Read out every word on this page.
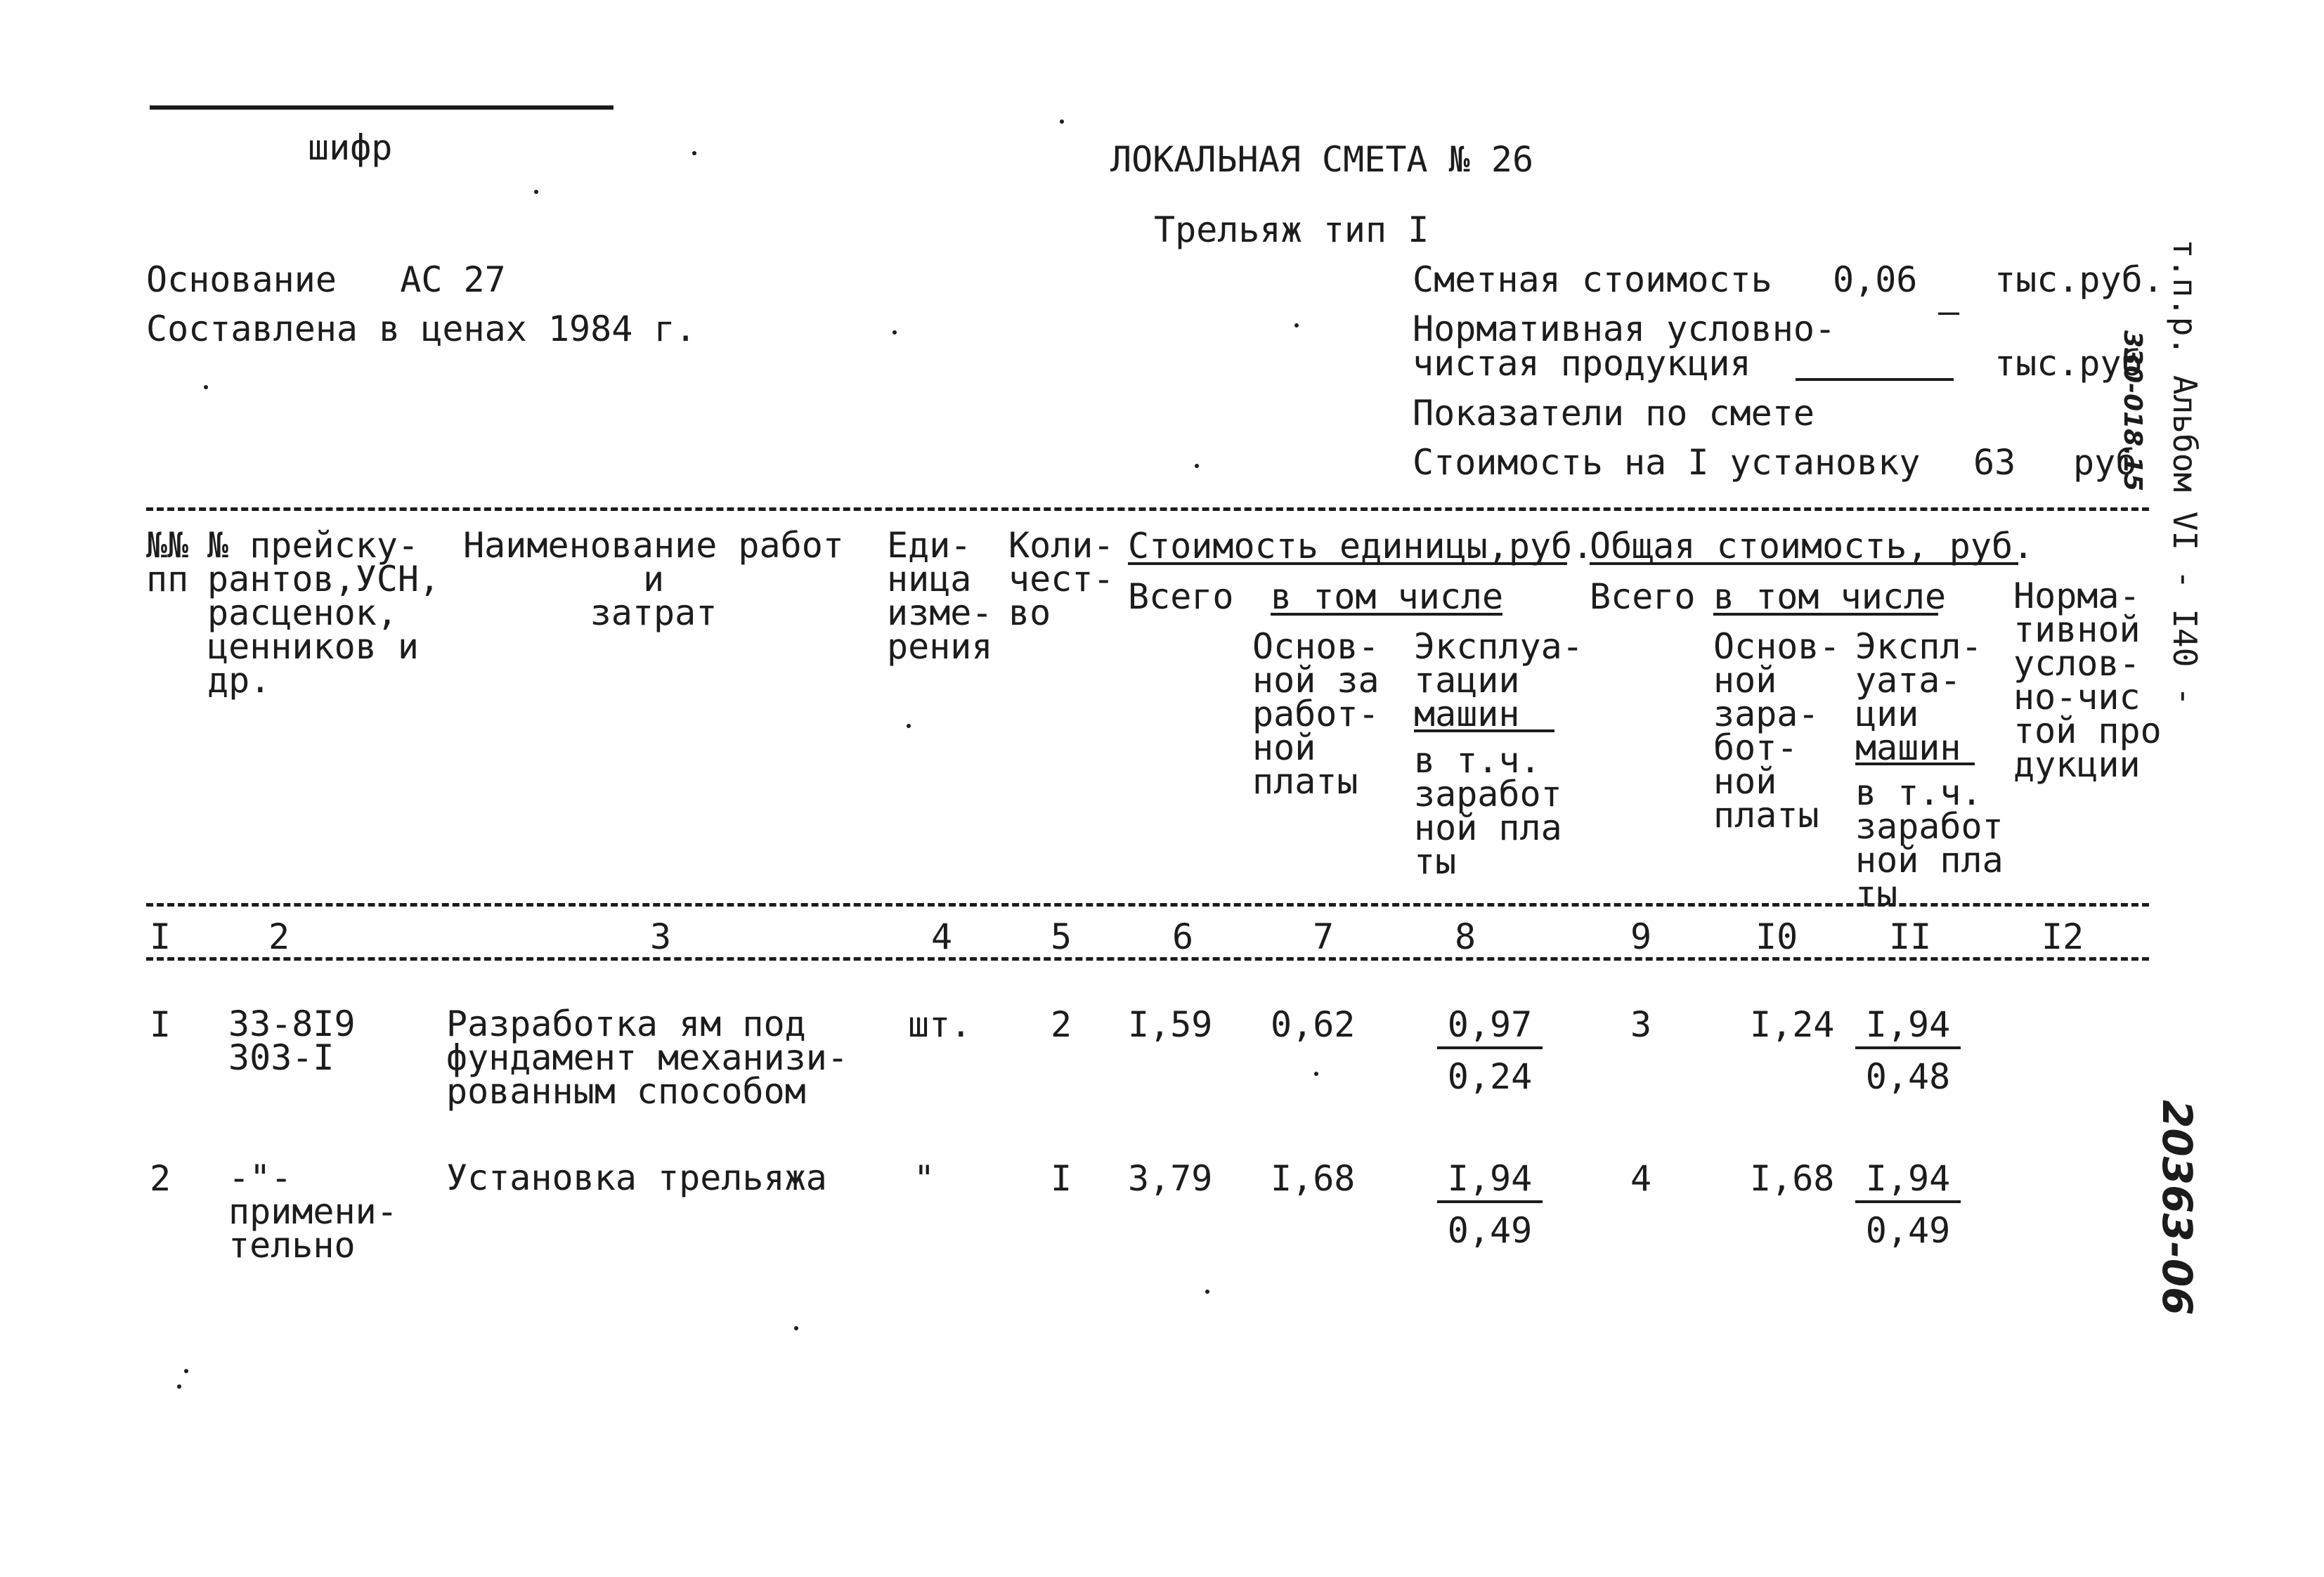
шифр	ЛОКАЛЬНАЯ СМЕТА № 26
Трельяж тип I
Основание   АС 27
Составлена в ценах 1984 г.
Сметная стоимость 0,06 тыс.руб.
–
Нормативная условно-
чистая продукция	тыс.руб
Показатели по смете
Стоимость на I установку 63 руб
№№
пп
№ прейску-
рантов,УСН,
расценок,
ценников и
др.
Наименование работ и
затрат
Еди-
ница
изме-
рения
Коли-
чест-
во
Стоимость единицы,руб.
Общая стоимость, руб.
Всего в том числе Всего в том числе
Основ-
ной за
работ-
ной
платы
Эксплуа-
тации
машин
в т.ч.
заработ
ной пла
ты
Основ-
ной
зара-
бот-
ной
платы
Экспл-
уата-
ции
машин
в т.ч.
заработ
ной пла
ты
Норма-
тивной
услов-
но-чис
той про
дукции
I	2	3	4	5	6	7	8	9	I0	II	I2
I 33-8I9
303-I
Разработка ям под
фундамент механизи-
рованным способом
шт. 2 I,59 $0,62 \frac{0,97}{0,24}$	3	$I,24 \frac{I,94}{0,48}$
2 -"-
примени-
тельно
Установка трельяжа "	I 3,79 $I,68 \frac{I,94}{0,49}$	4	$I,68 \frac{I,94}{0,49}$
т.п.р. Альбом VI - I40 -
330-018.15
20363-06
